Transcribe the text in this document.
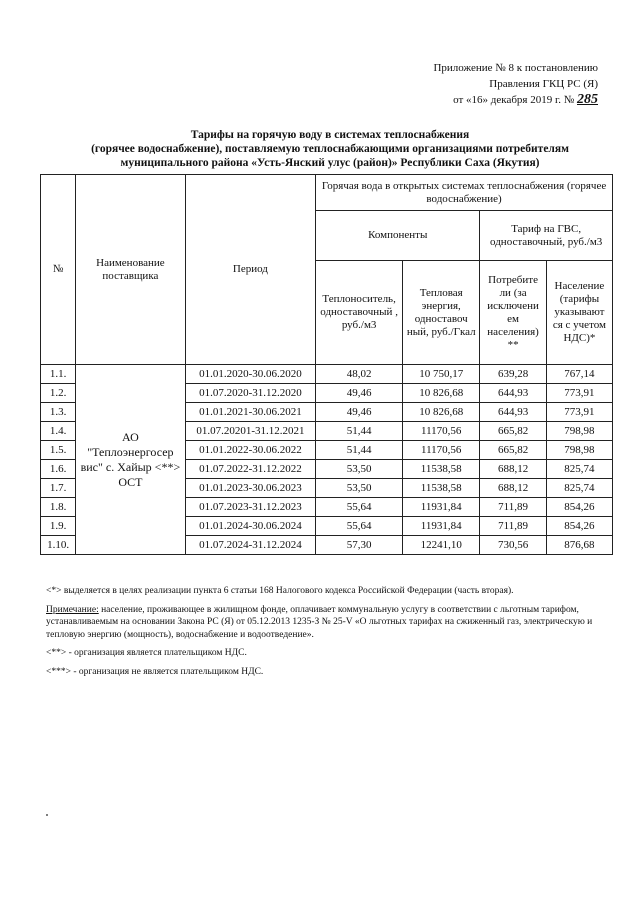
Приложение № 8 к постановлению
Правления ГКЦ РС (Я)
от «16» декабря 2019 г. № 285
Тарифы на горячую воду в системах теплоснабжения
(горячее водоснабжение), поставляемую теплоснабжающими организациями потребителям
муниципального района «Усть-Янский улус (район)» Республики Саха (Якутия)
№	Наименование поставщика	Период	Горячая вода в открытых системах теплоснабжения (горячее водоснабжение)			
			Компоненты		Тариф на ГВС, одноставочный, руб./м3	
			Теплоноситель, одноставочный , руб./м3	Тепловая энергия, одноставоч ный, руб./Гкал	Потребите ли (за исключени ем населения) **	Население (тарифы указывают ся с учетом НДС)*
1.1.	АО "Теплоэнергосер вис" с. Хайыр <**> ОСТ	01.01.2020-30.06.2020	48,02	10 750,17	639,28	767,14
1.2.		01.07.2020-31.12.2020	49,46	10 826,68	644,93	773,91
1.3.		01.01.2021-30.06.2021	49,46	10 826,68	644,93	773,91
1.4.		01.07.20201-31.12.2021	51,44	11170,56	665,82	798,98
1.5.		01.01.2022-30.06.2022	51,44	11170,56	665,82	798,98
1.6.		01.07.2022-31.12.2022	53,50	11538,58	688,12	825,74
1.7.		01.01.2023-30.06.2023	53,50	11538,58	688,12	825,74
1.8.		01.07.2023-31.12.2023	55,64	11931,84	711,89	854,26
1.9.		01.01.2024-30.06.2024	55,64	11931,84	711,89	854,26
1.10.		01.07.2024-31.12.2024	57,30	12241,10	730,56	876,68

<*> выделяется в целях реализации пункта 6 статьи 168 Налогового кодекса Российской Федерации (часть вторая).

Примечание: население, проживающее в жилищном фонде, оплачивает коммунальную услугу в соответствии с льготным тарифом, устанавливаемым на основании Закона РС (Я) от 05.12.2013 1235-З № 25-V «О льготных тарифах на сжиженный газ, электрическую и тепловую энергию (мощность), водоснабжение и водоотведение».

<**> - организация является плательщиком НДС.

<***> - организация не является плательщиком НДС.
